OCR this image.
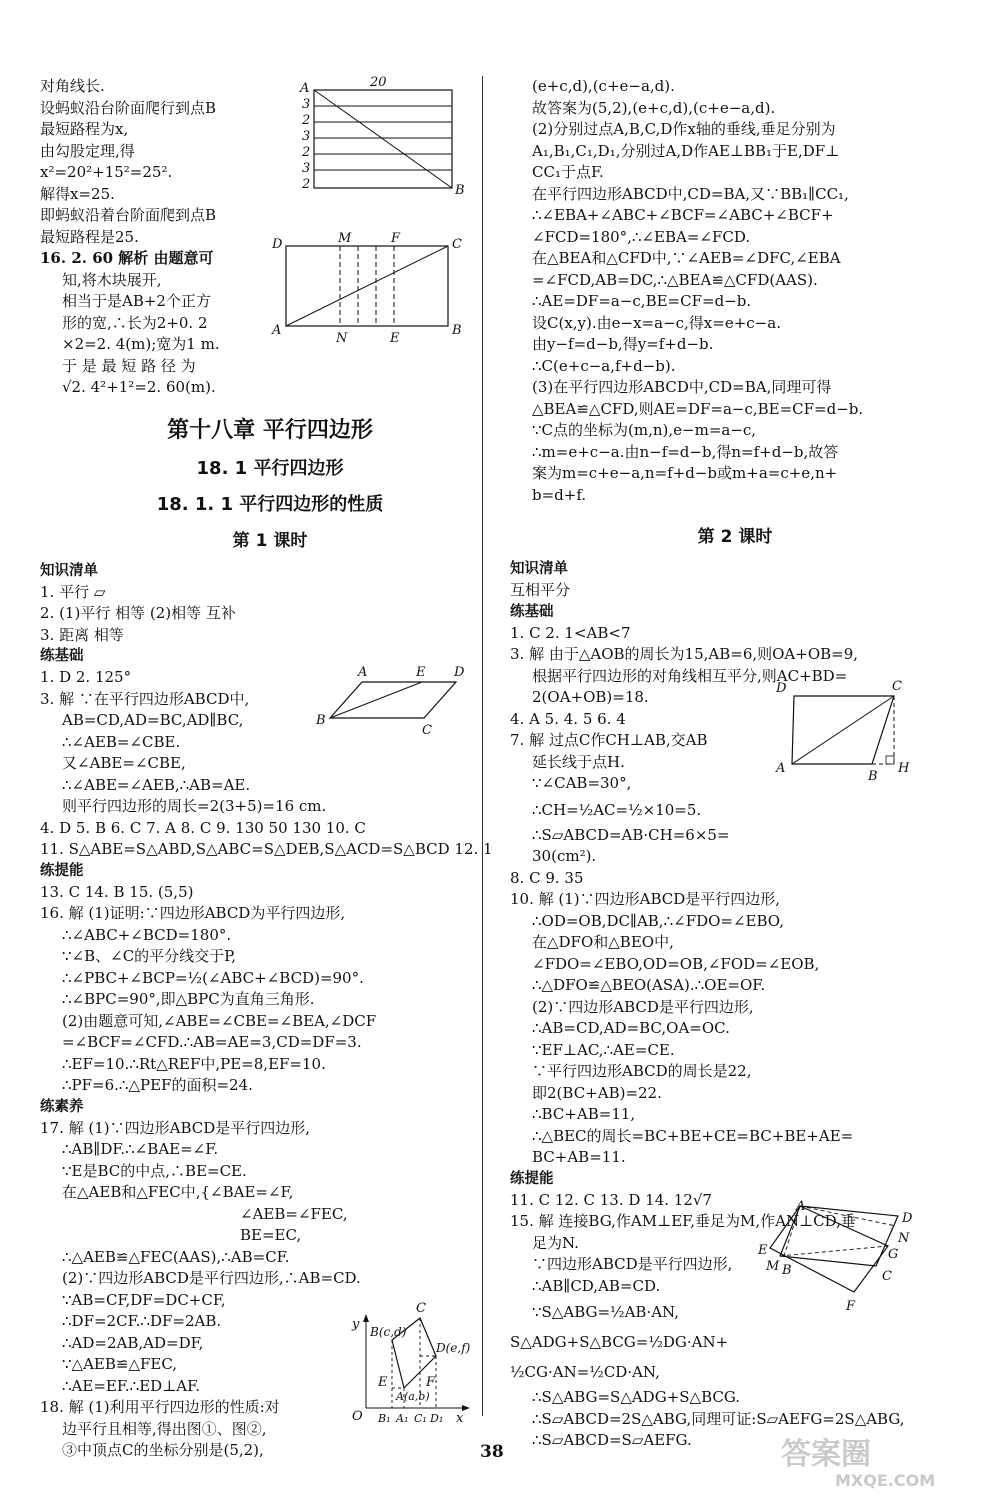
对角线长.
设蚂蚁沿台阶面爬行到点B
最短路程为x,
由勾股定理,得
x²=20²+15²=25².
解得x=25.
即蚂蚁沿着台阶面爬到点B
最短路程是25.
16. 2. 60 解析 由题意可
知,将木块展开,
相当于是AB+2个正方
形的宽,∴长为2+0. 2
×2=2. 4(m);宽为1 m.
于 是 最 短 路 径 为
√2. 4²+1²=2. 60(m).
第十八章 平行四边形
18. 1 平行四边形
18. 1. 1 平行四边形的性质
第 1 课时
知识清单
1. 平行 ▱
2. (1)平行 相等 (2)相等 互补
3. 距离 相等
练基础
1. D 2. 125°
3. 解 ∵在平行四边形ABCD中,
AB=CD,AD=BC,AD∥BC,
∴∠AEB=∠CBE.
又∠ABE=∠CBE,
∴∠ABE=∠AEB,∴AB=AE.
则平行四边形的周长=2(3+5)=16 cm.
4. D 5. B 6. C 7. A 8. C 9. 130 50 130 10. C
11. S△ABE=S△ABD,S△ABC=S△DEB,S△ACD=S△BCD 12. 1
练提能
13. C 14. B 15. (5,5)
16. 解 (1)证明:∵四边形ABCD为平行四边形,
∴∠ABC+∠BCD=180°.
∵∠B、∠C的平分线交于P,
∴∠PBC+∠BCP=½(∠ABC+∠BCD)=90°.
∴∠BPC=90°,即△BPC为直角三角形.
(2)由题意可知,∠ABE=∠CBE=∠BEA,∠DCF
=∠BCF=∠CFD.∴AB=AE=3,CD=DF=3.
∴EF=10.∴Rt△REF中,PE=8,EF=10.
∴PF=6.∴△PEF的面积=24.
练素养
17. 解 (1)∵四边形ABCD是平行四边形,
∴AB∥DF.∴∠BAE=∠F.
∵E是BC的中点,∴BE=CE.
在△AEB和△FEC中,{∠BAE=∠F,
∠AEB=∠FEC,
BE=EC,
∴△AEB≌△FEC(AAS),∴AB=CF.
(2)∵四边形ABCD是平行四边形,∴AB=CD.
∵AB=CF,DF=DC+CF,
∴DF=2CF.∴DF=2AB.
∴AD=2AB,AD=DF,
∵△AEB≌△FEC,
∴AE=EF.∴ED⊥AF.
18. 解 (1)利用平行四边形的性质:对
边平行且相等,得出图①、图②,
③中顶点C的坐标分别是(5,2),
(e+c,d),(c+e−a,d).
故答案为(5,2),(e+c,d),(c+e−a,d).
(2)分别过点A,B,C,D作x轴的垂线,垂足分别为
A₁,B₁,C₁,D₁,分别过A,D作AE⊥BB₁于E,DF⊥
CC₁于点F.
在平行四边形ABCD中,CD=BA,又∵BB₁∥CC₁,
∴∠EBA+∠ABC+∠BCF=∠ABC+∠BCF+
∠FCD=180°,∴∠EBA=∠FCD.
在△BEA和△CFD中,∵∠AEB=∠DFC,∠EBA
=∠FCD,AB=DC,∴△BEA≌△CFD(AAS).
∴AE=DF=a−c,BE=CF=d−b.
设C(x,y).由e−x=a−c,得x=e+c−a.
由y−f=d−b,得y=f+d−b.
∴C(e+c−a,f+d−b).
(3)在平行四边形ABCD中,CD=BA,同理可得
△BEA≌△CFD,则AE=DF=a−c,BE=CF=d−b.
∵C点的坐标为(m,n),e−m=a−c,
∴m=e+c−a.由n−f=d−b,得n=f+d−b,故答
案为m=c+e−a,n=f+d−b或m+a=c+e,n+
b=d+f.
第 2 课时
知识清单
互相平分
练基础
1. C 2. 1<AB<7
3. 解 由于△AOB的周长为15,AB=6,则OA+OB=9,
根据平行四边形的对角线相互平分,则AC+BD=
2(OA+OB)=18.
4. A 5. 4. 5 6. 4
7. 解 过点C作CH⊥AB,交AB
延长线于点H.
∵∠CAB=30°,
∴CH=½AC=½×10=5.
∴S▱ABCD=AB·CH=6×5=
30(cm²).
8. C 9. 35
10. 解 (1)∵四边形ABCD是平行四边形,
∴OD=OB,DC∥AB,∴∠FDO=∠EBO,
在△DFO和△BEO中,
∠FDO=∠EBO,OD=OB,∠FOD=∠EOB,
∴△DFO≌△BEO(ASA).∴OE=OF.
(2)∵四边形ABCD是平行四边形,
∴AB=CD,AD=BC,OA=OC.
∵EF⊥AC,∴AE=CE.
∵平行四边形ABCD的周长是22,
即2(BC+AB)=22.
∴BC+AB=11,
∴△BEC的周长=BC+BE+CE=BC+BE+AE=
BC+AB=11.
练提能
11. C 12. C 13. D 14. 12√7
15. 解 连接BG,作AM⊥EF,垂足为M,作AN⊥CD,垂
足为N.
∵四边形ABCD是平行四边形,
∴AB∥CD,AB=CD.
∵S△ABG=½AB·AN,
S△ADG+S△BCG=½DG·AN+
½CG·AN=½CD·AN,
∴S△ABG=S△ADG+S△BCG.
∴S▱ABCD=2S△ABG,同理可证:S▱AEFG=2S△ABG,
∴S▱ABCD=S▱AEFG.
20
A
3
2
3
2
3
2	B
D	M	F	C
A
N	E
B
A	E D
B
C
D	C
A
B
H
y B(c,d)
C
D(e,f)
E
A(a,b)
F
O B₁ A₁ C₁ D₁ x
A
D
N
E	G
M B	C
F
38	答案圈
MXQE.COM
